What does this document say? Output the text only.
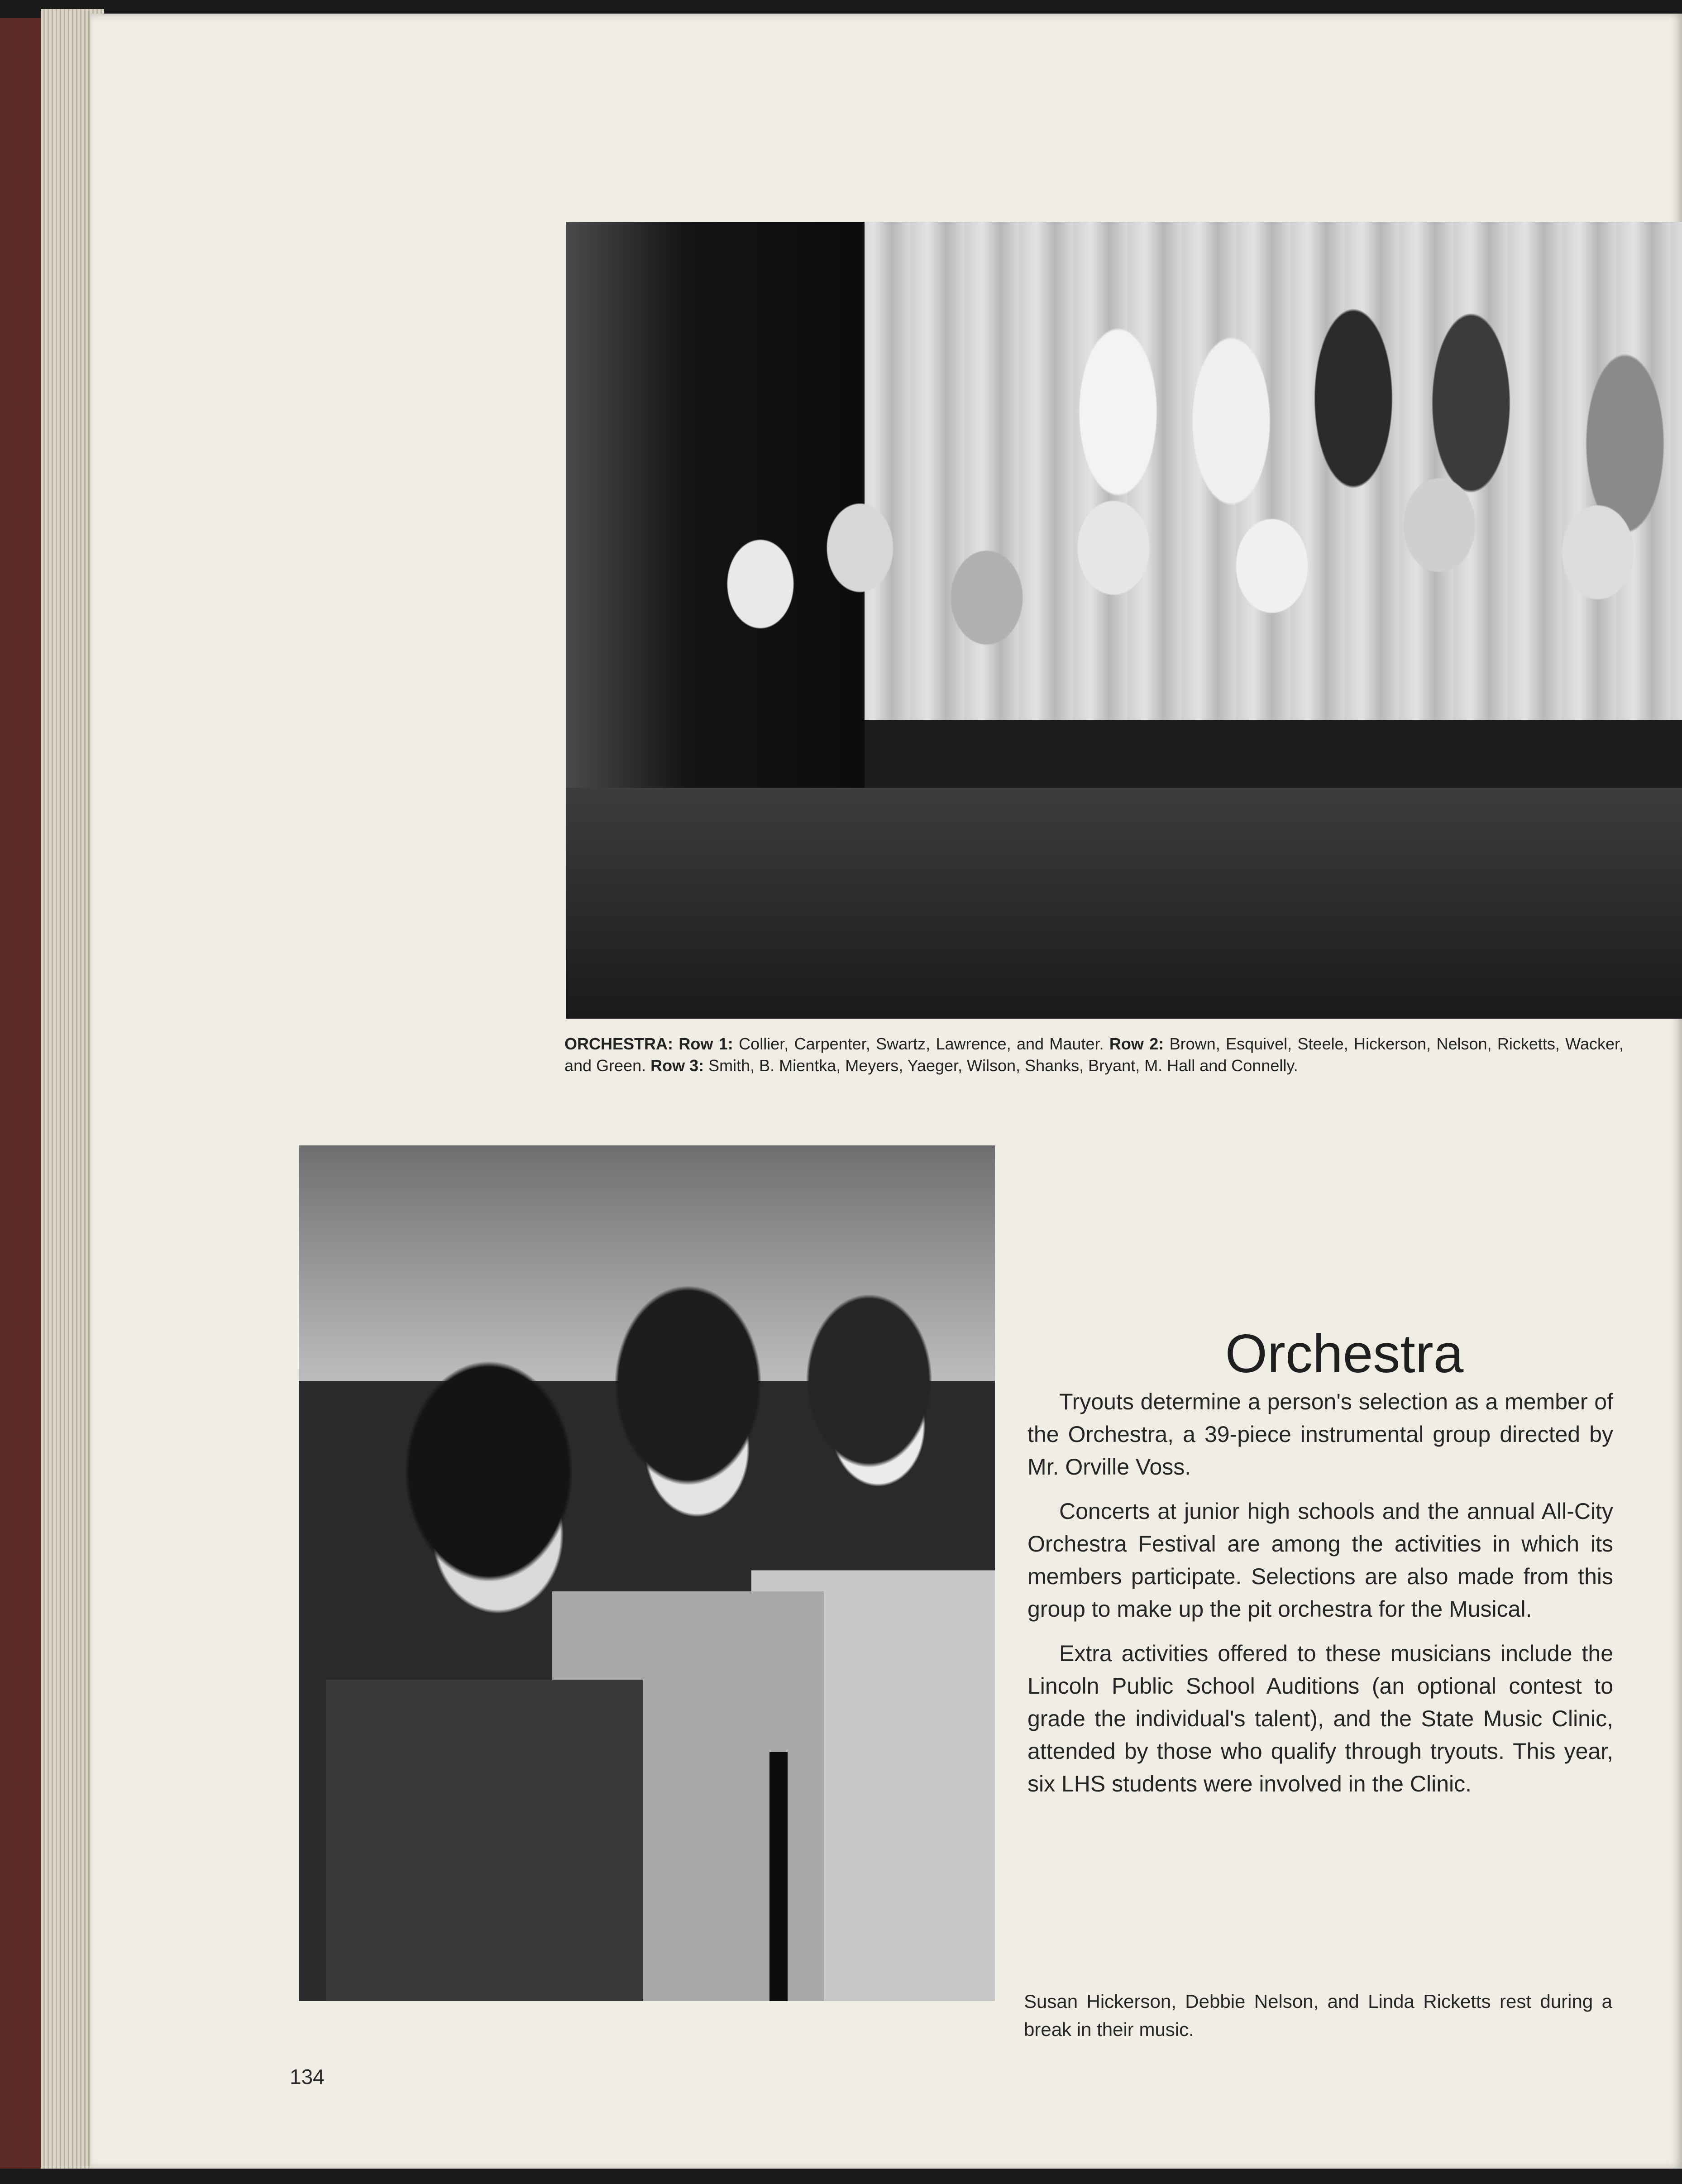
ORCHESTRA: Row 1: Collier, Carpenter, Swartz, Lawrence, and Mauter. Row 2: Brown, Esquivel, Steele, Hickerson, Nelson, Ricketts, Wacker, and Green. Row 3: Smith, B. Mientka, Meyers, Yaeger, Wilson, Shanks, Bryant, M. Hall and Connelly.
Orchestra

Tryouts determine a person's selection as a member of the Orchestra, a 39-piece instrumental group directed by Mr. Orville Voss.

Concerts at junior high schools and the annual All-City Orchestra Festival are among the activities in which its members participate. Selections are also made from this group to make up the pit orchestra for the Musical.

Extra activities offered to these musicians include the Lincoln Public School Auditions (an optional contest to grade the individual's talent), and the State Music Clinic, attended by those who qualify through tryouts. This year, six LHS students were involved in the Clinic.

Susan Hickerson, Debbie Nelson, and Linda Ricketts rest during a break in their music.
134
